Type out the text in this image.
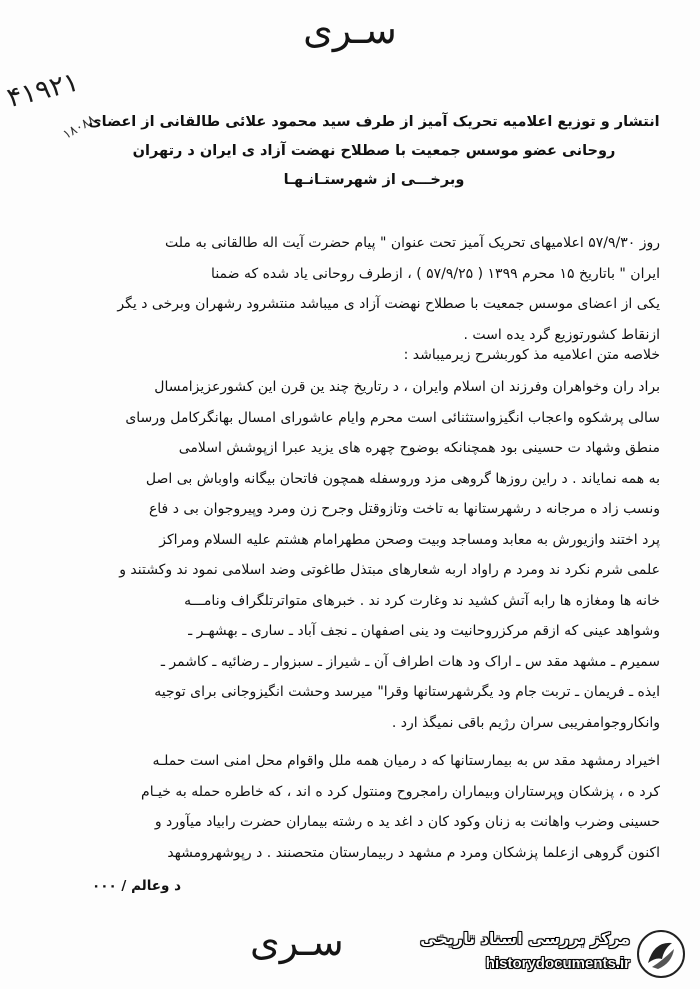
سـری
۴۱۹۲۱
۱۸۰۸۸
انتشار و توزیع اعلامیه تحریک آمیز از طرف سید محمود علائی طالقانی از اعضای
روحانی عضو موسس جمعیت با صطلاح نهضت آزاد ی ایران د رتهران
وبرخـــی از شهرستـانـهـا
روز ۵۷/۹/۳۰ اعلامیهای تحریک آمیز تحت عنوان " پیام حضرت آیت اله طالقانی به ملت
ایران " باتاریخ ۱۵ محرم ۱۳۹۹ ( ۵۷/۹/۲۵ ) ، ازطرف روحانی یاد شده که ضمنا
یکی از اعضای موسس جمعیت با صطلاح نهضت آزاد ی میباشد منتشرود رشهران وبرخی د یگر
ازنقاط کشورتوزیع گرد یده است .
خلاصه متن اعلامیه مذ کوربشرح زیرمیباشد :
براد ران وخواهران وفرزند ان اسلام وایران ، د رتاریخ چند ین قرن این کشورعزیزامسال
سالی پرشکوه واعجاب انگیزواستثنائی است محرم وایام عاشورای امسال بهانگرکامل ورسای
منطق وشهاد ت حسینی بود همچنانکه بوضوح چهره های یزید عبرا ازپوشش اسلامی
به همه نمایاند . د راین روزها گروهی مزد وروسفله همچون فاتحان بیگانه واوباش بی اصل
ونسب زاد ه مرجانه د رشهرستانها به تاخت وتازوقتل وجرح زن ومرد وپیروجوان بی د فاع
پرد اختند وازیورش به معابد ومساجد وبیت وصحن مطهرامام هشتم علیه السلام ومراکز
علمی شرم نکرد ند ومرد م راواد اربه شعارهای مبتذل طاغوتی وضد اسلامی نمود ند وکشتند و
خانه ها ومغازه ها رابه آتش کشید ند وغارت کرد ند . خبرهای متواترتلگراف ونامـــه
وشواهد عینی که ازقم مرکزروحانیت ود ینی اصفهان ـ نجف آباد ـ ساری ـ بهشهـر ـ
سمیرم ـ مشهد مقد س ـ اراک ود هات اطراف آن ـ شیراز ـ سبزوار ـ رضائیه ـ کاشمر ـ
ایذه ـ فریمان ـ تربت جام ود یگرشهرستانها وقرا" میرسد وحشت انگیزوجانی برای توجیه
وانکاروجوامفریبی سران رژیم باقی نمیگذ ارد .
اخیراد رمشهد مقد س به بیمارستانها که د رمیان همه ملل واقوام محل امنی است حملـه
کرد ه ، پزشکان وپرستاران وبیماران رامجروح ومنتول کرد ه اند ، که خاطره حمله به خیـام
حسینی وضرب واهانت به زنان وکود کان د اغد ید ه رشته بیماران حضرت رابیاد میآورد و
اکنون گروهی ازعلما پزشکان ومرد م مشهد د ربیمارستان متحصنند . د رپوشهرومشهد
د وعالم / ۰۰۰
سـری	مرکز بررسی اسناد تاریخی
historydocuments.ir
